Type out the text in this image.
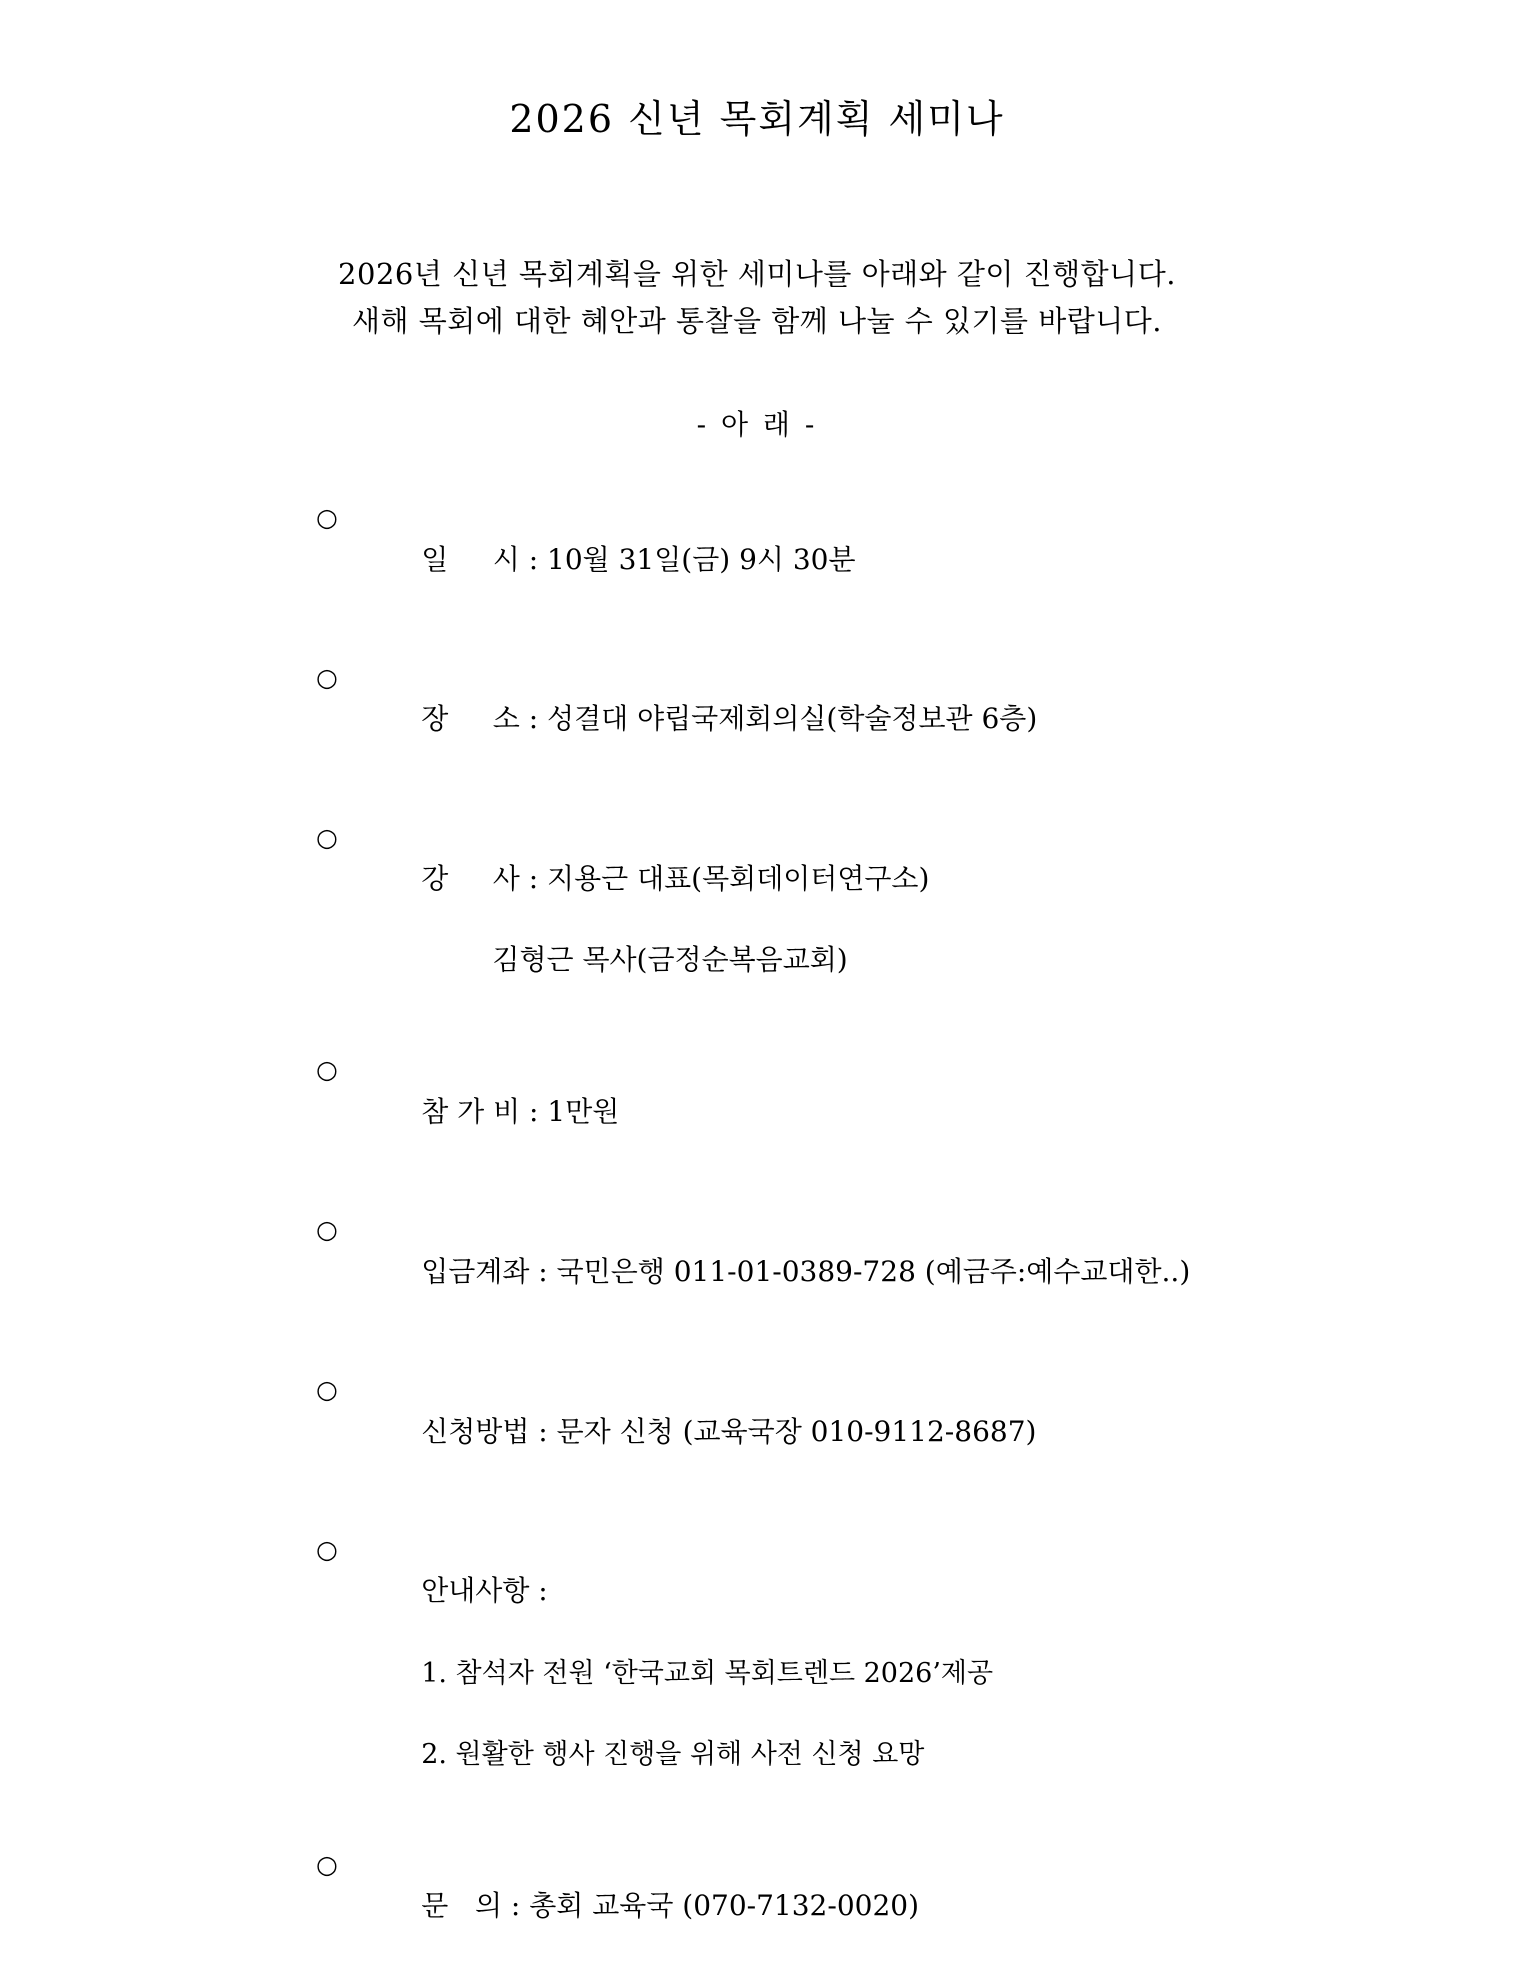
2026 신년 목회계획 세미나
2026년 신년 목회계획을 위한 세미나를 아래와 같이 진행합니다.
새해 목회에 대한 혜안과 통찰을 함께 나눌 수 있기를 바랍니다.
- 아 래 -
○

일     시 : 10월 31일(금) 9시 30분

○

장     소 : 성결대 야립국제회의실(학술정보관 6층)

○

강     사 : 지용근 대표(목회데이터연구소)

김형근 목사(금정순복음교회)

○

참 가 비 : 1만원

○

입금계좌 : 국민은행 011-01-0389-728 (예금주:예수교대한..)

○

신청방법 : 문자 신청 (교육국장 010-9112-8687)

○

안내사항 :

1. 참석자 전원 ‘한국교회 목회트렌드 2026’제공

2. 원활한 행사 진행을 위해 사전 신청 요망

○

문   의 : 총회 교육국 (070-7132-0020)
